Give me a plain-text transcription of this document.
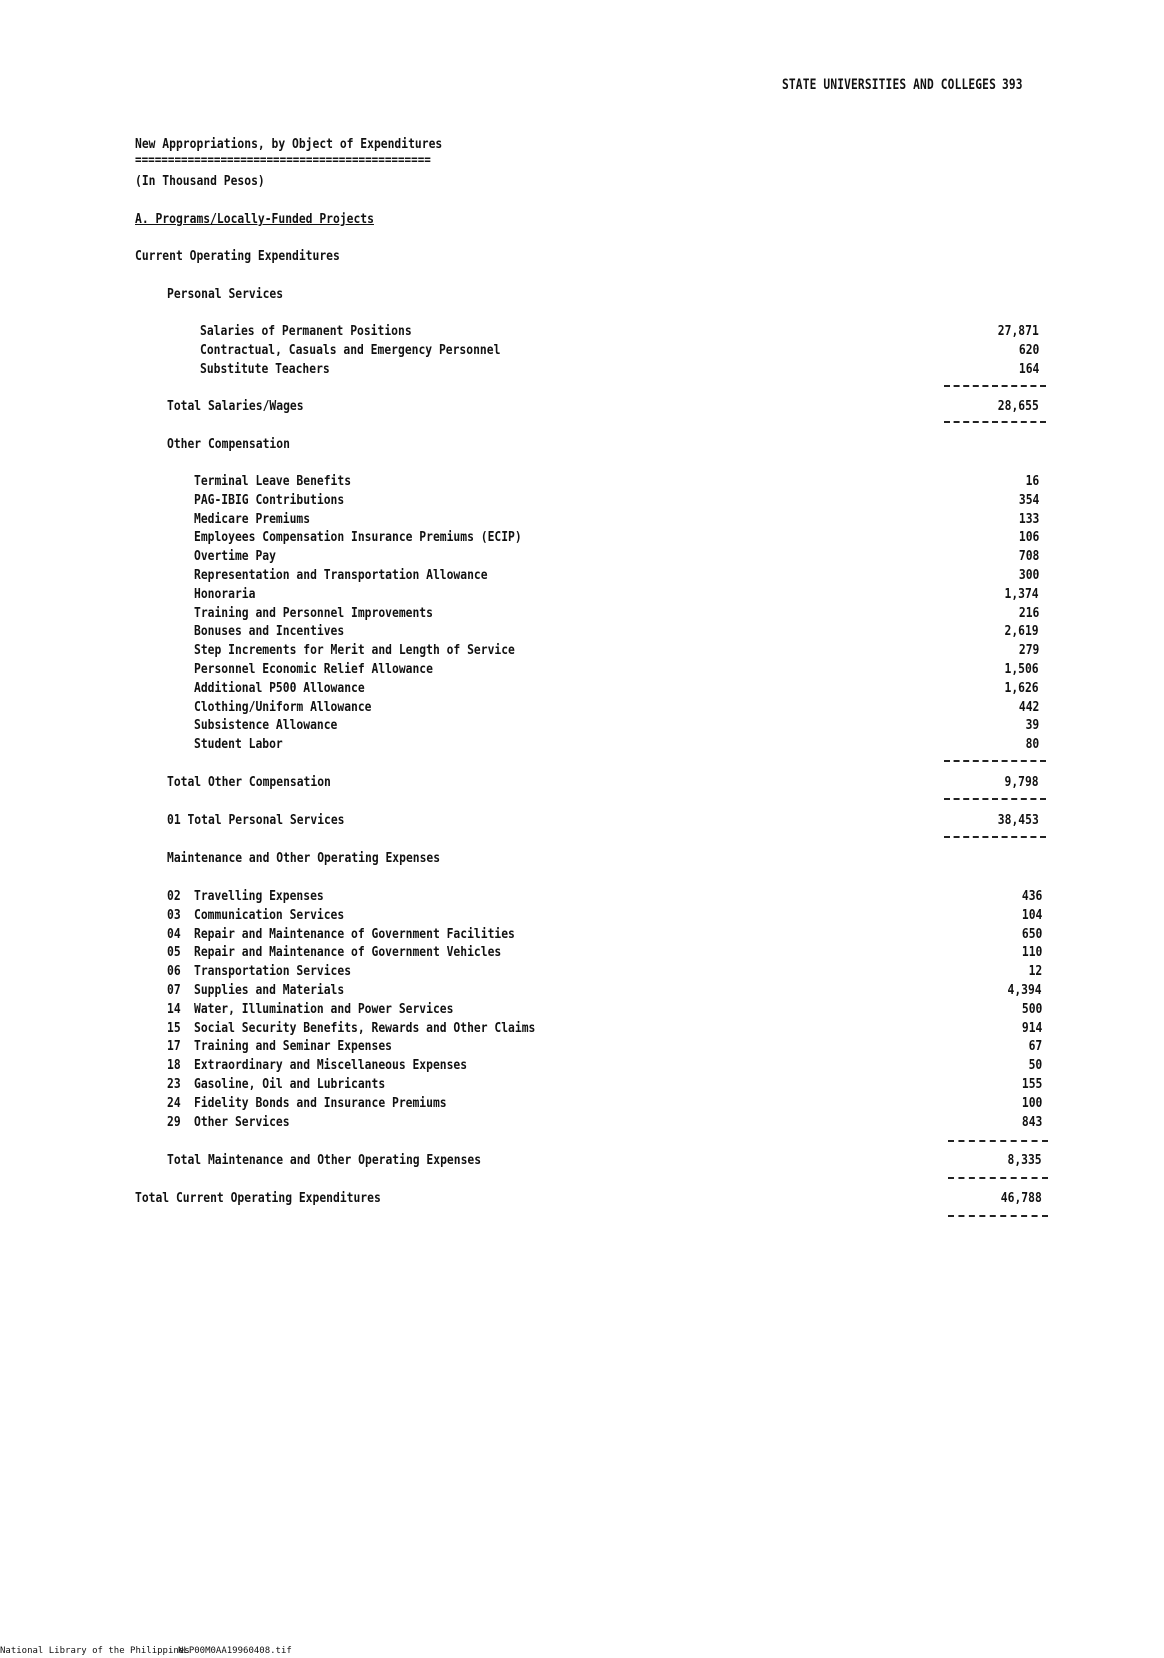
STATE UNIVERSITIES AND COLLEGES 393
New Appropriations, by Object of Expenditures
=============================================
(In Thousand Pesos)
A. Programs/Locally-Funded Projects
Current Operating Expenditures
Personal Services
Salaries of Permanent Positions	27,871
Contractual, Casuals and Emergency Personnel	620
Substitute Teachers	164
Total Salaries/Wages	28,655
Other Compensation
Terminal Leave Benefits	16
PAG-IBIG Contributions	354
Medicare Premiums	133
Employees Compensation Insurance Premiums (ECIP)	106
Overtime Pay	708
Representation and Transportation Allowance	300
Honoraria	1,374
Training and Personnel Improvements	216
Bonuses and Incentives	2,619
Step Increments for Merit and Length of Service	279
Personnel Economic Relief Allowance	1,506
Additional P500 Allowance	1,626
Clothing/Uniform Allowance	442
Subsistence Allowance	39
Student Labor	80
Total Other Compensation	9,798
01 Total Personal Services	38,453
Maintenance and Other Operating Expenses
02 Travelling Expenses	436
03 Communication Services	104
04 Repair and Maintenance of Government Facilities	650
05 Repair and Maintenance of Government Vehicles	110
06 Transportation Services	12
07 Supplies and Materials	4,394
14 Water, Illumination and Power Services	500
15 Social Security Benefits, Rewards and Other Claims	914
17 Training and Seminar Expenses	67
18 Extraordinary and Miscellaneous Expenses	50
23 Gasoline, Oil and Lubricants	155
24 Fidelity Bonds and Insurance Premiums	100
29 Other Services	843
Total Maintenance and Other Operating Expenses	8,335
Total Current Operating Expenditures	46,788
National Library of the Philippines
NLP00M0AA19960408.tif
